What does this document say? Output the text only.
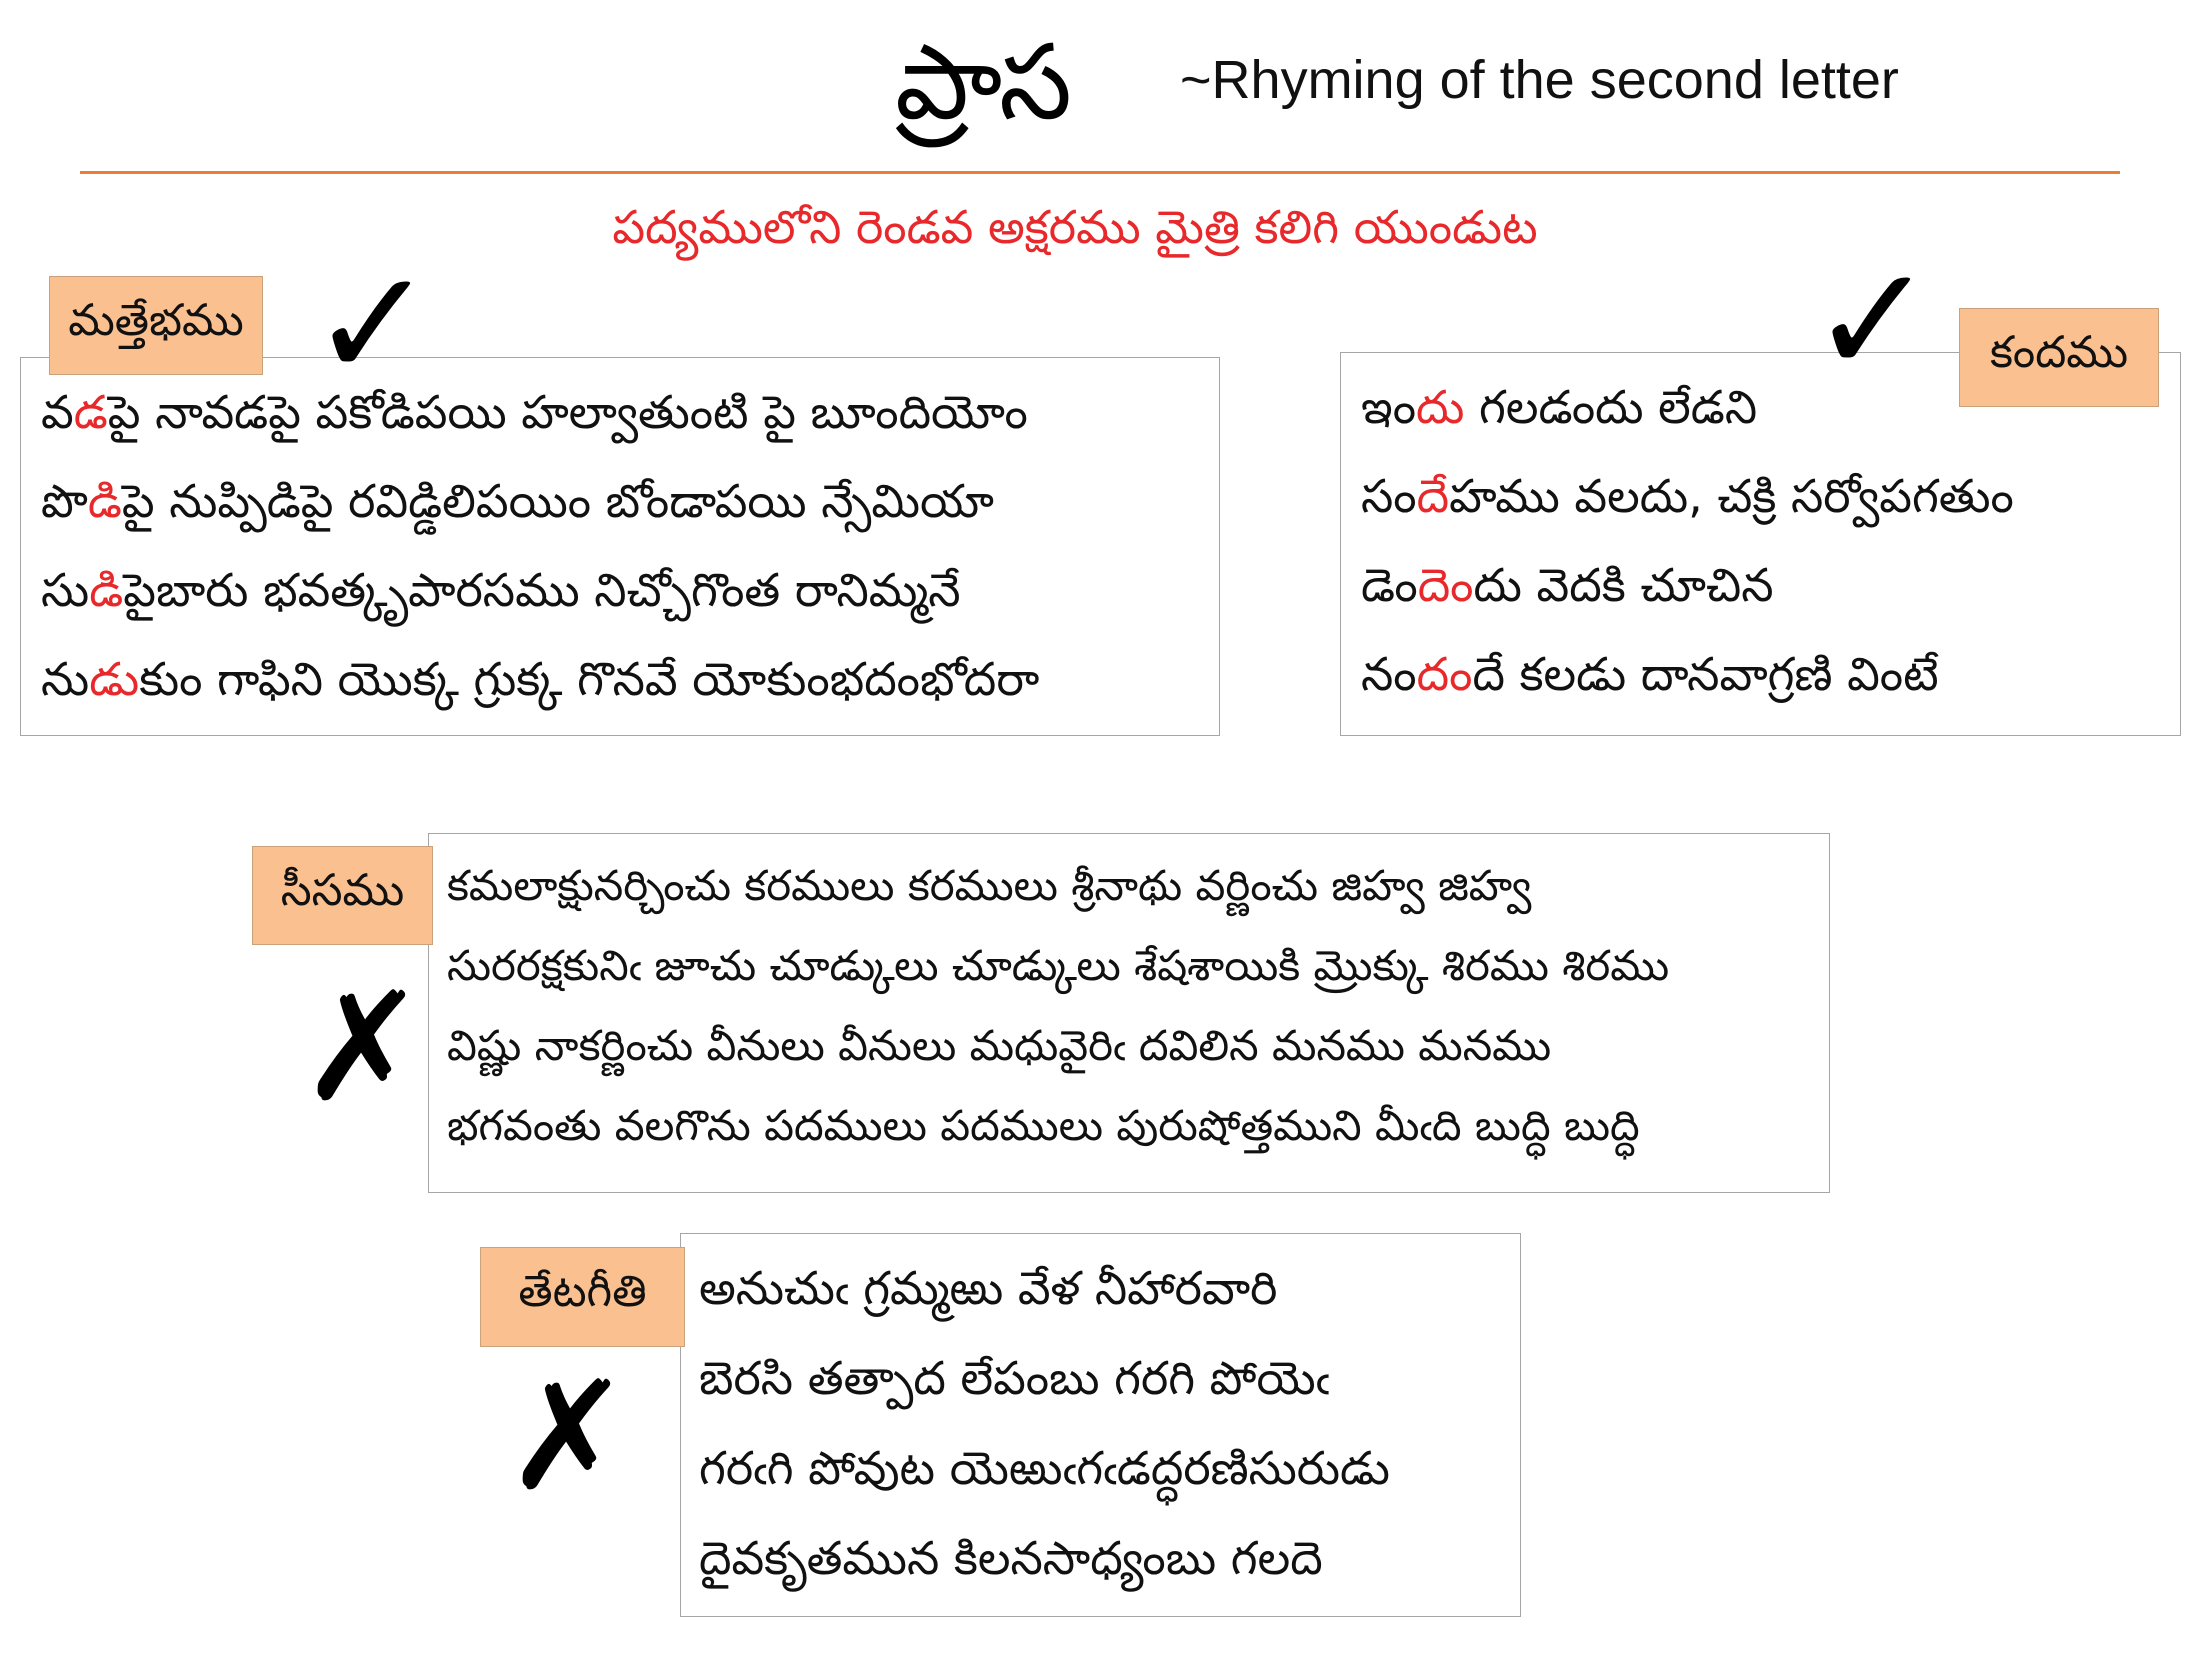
ప్రాస ~Rhyming of the second letter
పద్యములోని రెండవ అక్షరము మైత్రి కలిగి యుండుట
వడపై నావడపై పకోడిపయి హల్వాతుంటి పై బూందియోం
పొడిపై నుప్పిడిపై రవిడ్డిలిపయిం బోండాపయి న్సేమియా
సుడిపైబారు భవత్కృపారసము నిచ్చోగొంత రానిమ్మనే
నుడుకుం గాఫిని యొక్క గ్రుక్క గొనవే యోకుంభదంభోదరా
మత్తేభము ✓	ఇందు గలడందు లేడని
సందేహము వలదు, చక్రి సర్వోపగతుం
డెందెందు వెదకి చూచిన
నందందే కలడు దానవాగ్రణి వింటే
కందము
✓
కమలాక్షునర్చించు కరములు కరములు శ్రీనాథు వర్ణించు జిహ్వ జిహ్వ
సురరక్షకునిఁ జూచు చూడ్కులు చూడ్కులు శేషశాయికి మ్రొక్కు శిరము శిరము
విష్ణు నాకర్ణించు వీనులు వీనులు మధువైరిఁ దవిలిన మనము మనము
భగవంతు వలగొను పదములు పదములు పురుషోత్తముని మీఁది బుద్ధి బుద్ధి
సీసము
✗
అనుచుఁ గ్రమ్మఱు వేళ నీహారవారి
బెరసి తత్పాద లేపంబు గరగి పోయెఁ
గరఁగి పోవుట యెఱుఁగఁడద్ధరణిసురుడు
దైవకృతమున కిలనసాధ్యంబు గలదె
తేటగీతి
✗
